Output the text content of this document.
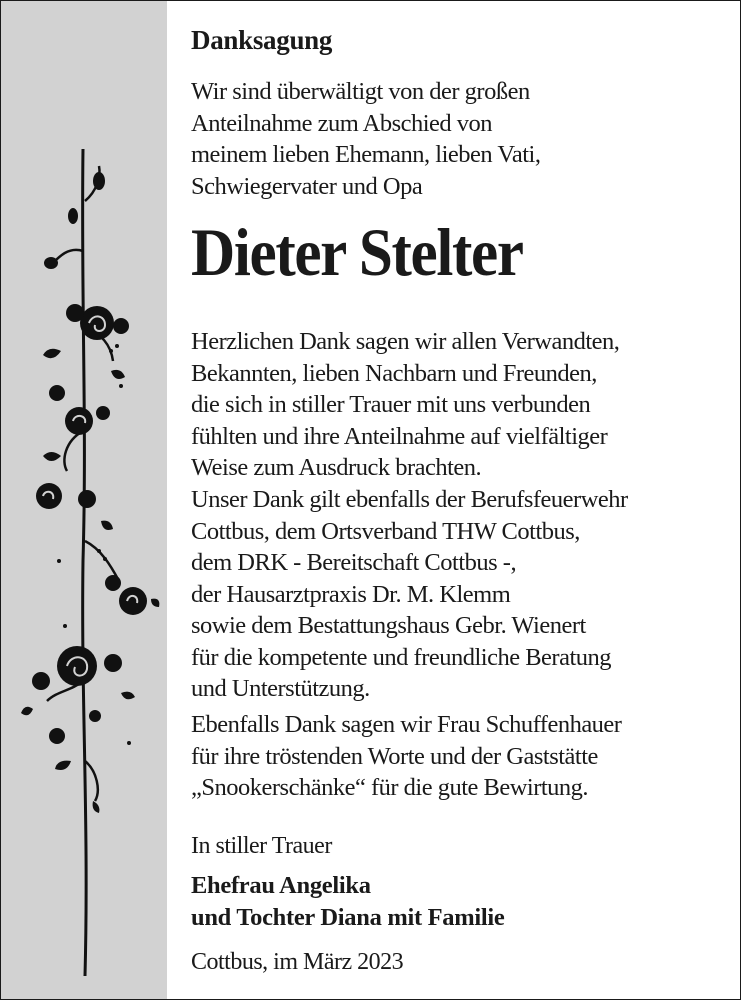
Danksagung
Wir sind überwältigt von der großen
Anteilnahme zum Abschied von
meinem lieben Ehemann, lieben Vati,
Schwiegervater und Opa
Dieter Stelter
Herzlichen Dank sagen wir allen Verwandten,
Bekannten, lieben Nachbarn und Freunden,
die sich in stiller Trauer mit uns verbunden
fühlten und ihre Anteilnahme auf vielfältiger
Weise zum Ausdruck brachten.
Unser Dank gilt ebenfalls der Berufsfeuerwehr
Cottbus, dem Ortsverband THW Cottbus,
dem DRK - Bereitschaft Cottbus -,
der Hausarztpraxis Dr. M. Klemm
sowie dem Bestattungshaus Gebr. Wienert
für die kompetente und freundliche Beratung
und Unterstützung.
Ebenfalls Dank sagen wir Frau Schuffenhauer
für ihre tröstenden Worte und der Gaststätte
„Snookerschänke“ für die gute Bewirtung.
In stiller Trauer
Ehefrau Angelika
und Tochter Diana mit Familie
Cottbus, im März 2023
